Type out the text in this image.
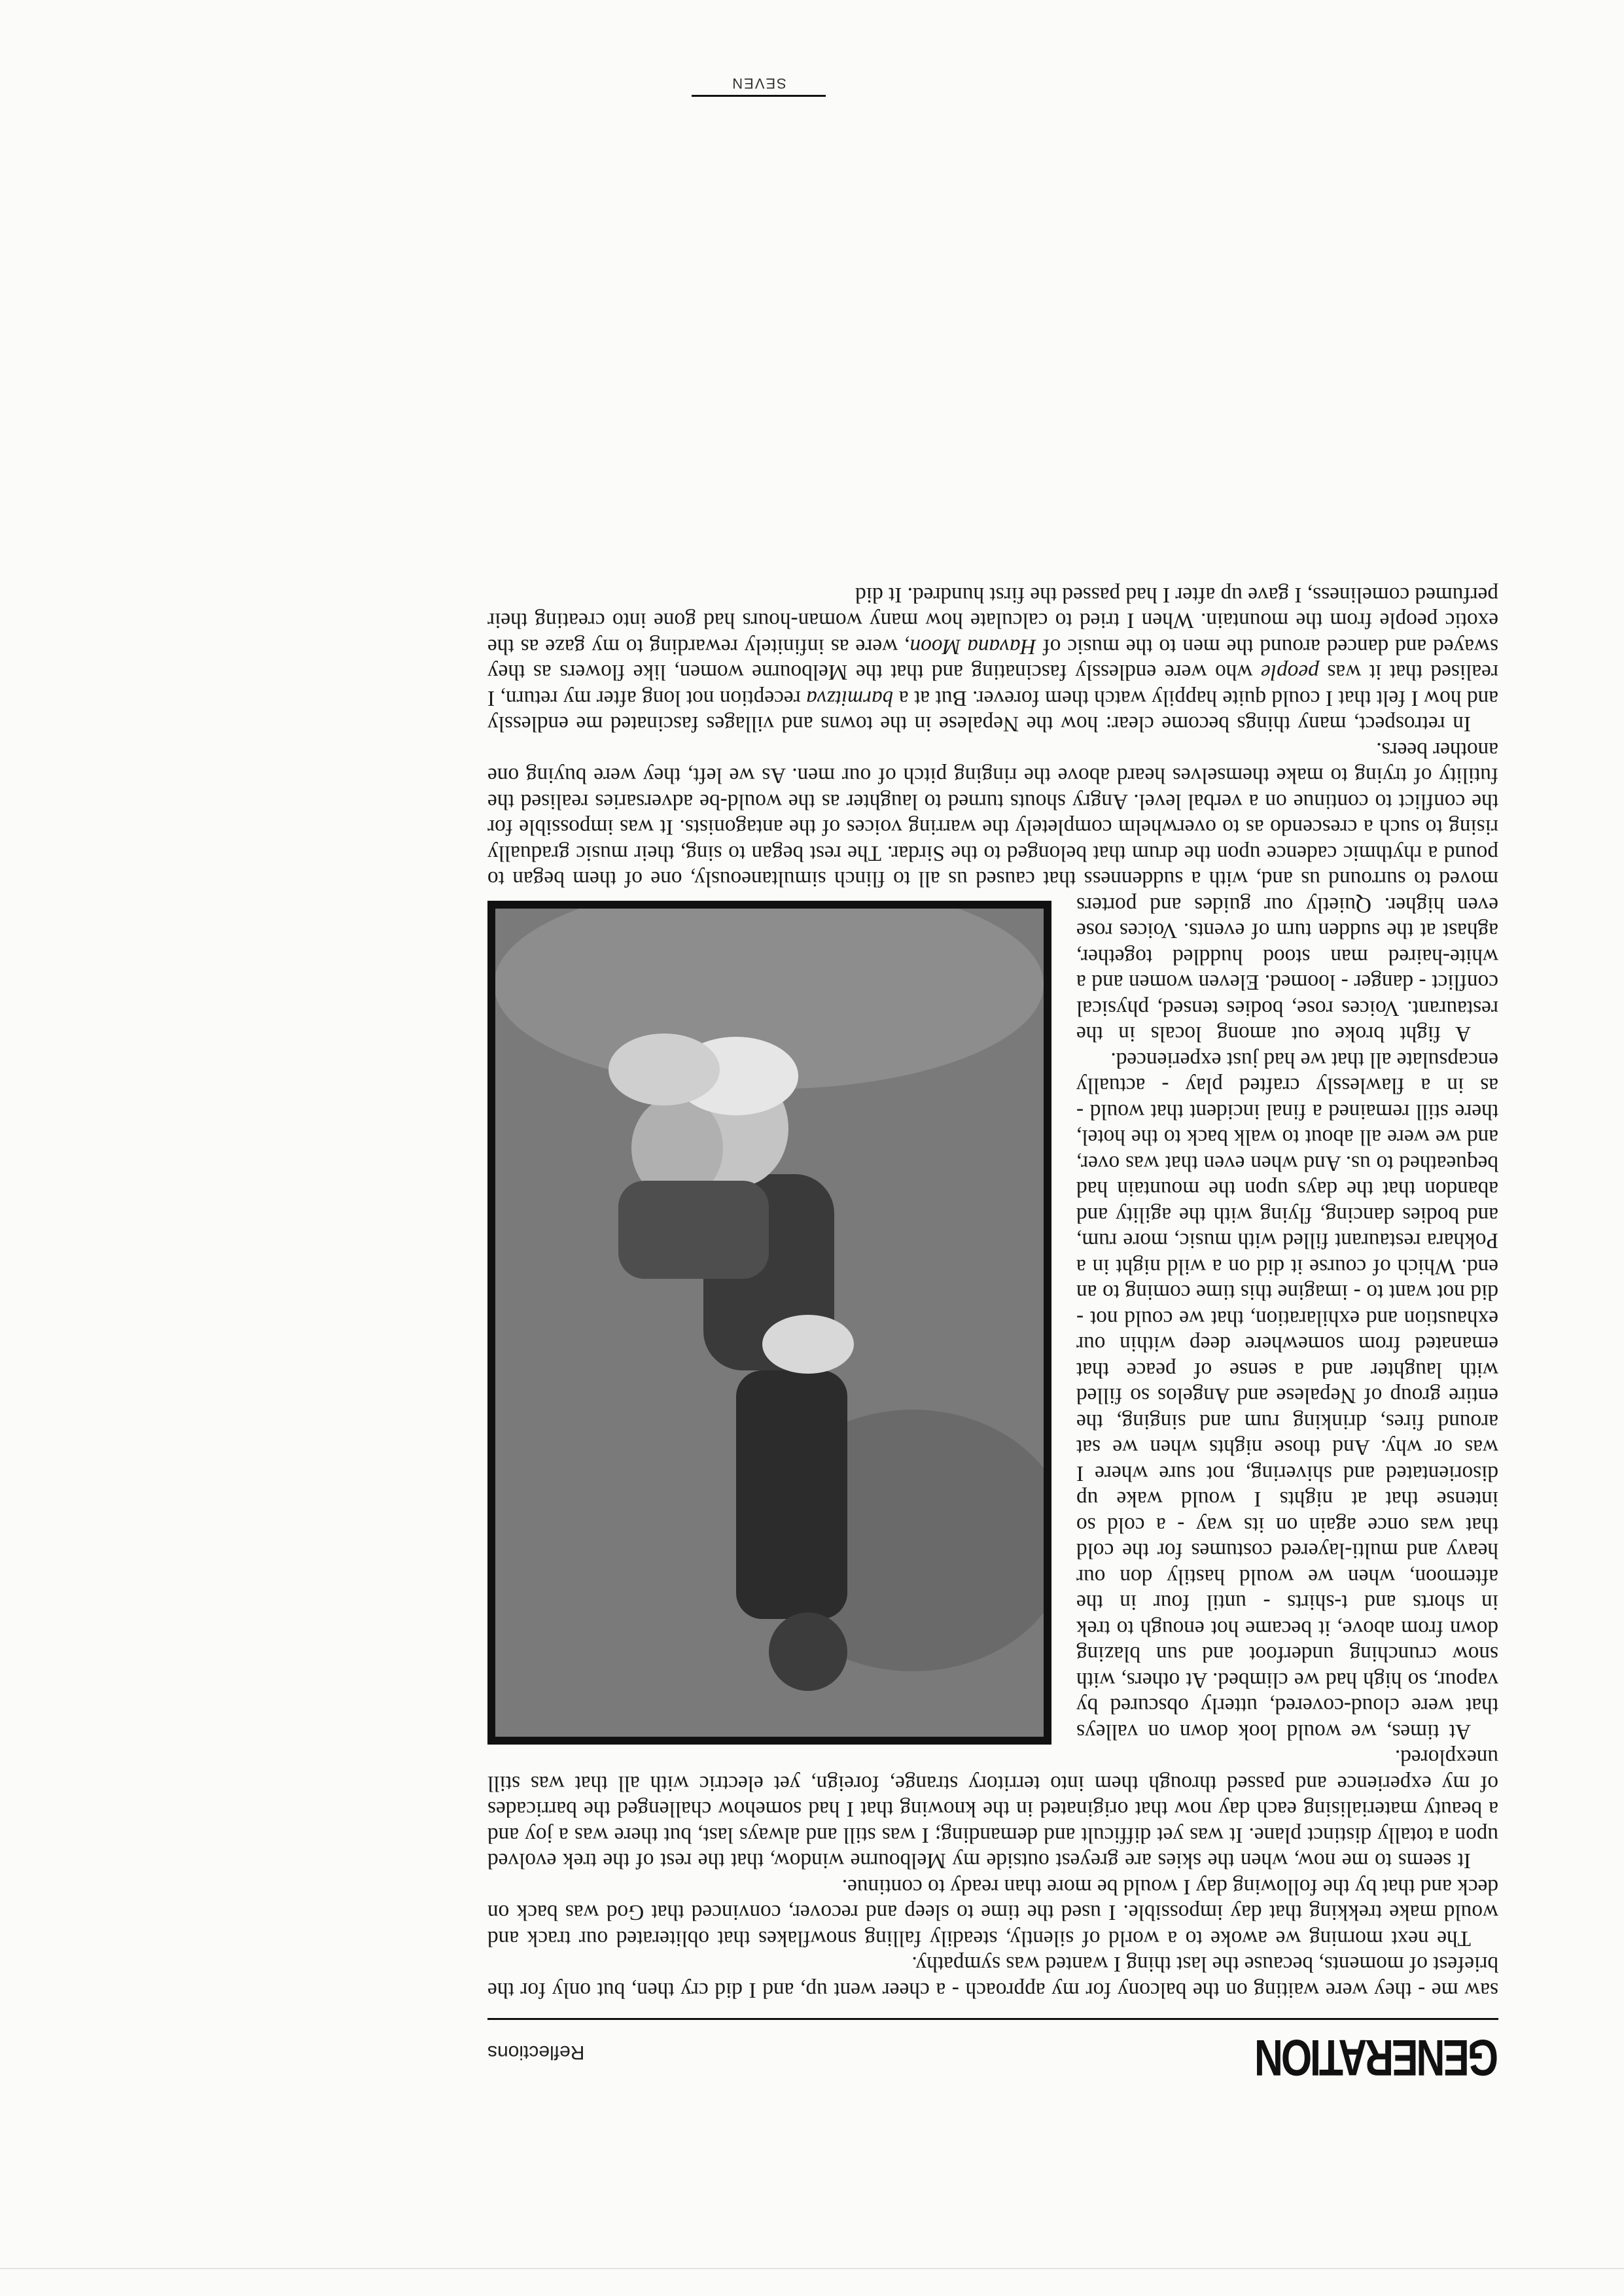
GENERATION
Reflections

saw me - they were waiting on the balcony for my approach - a cheer went up, and I did cry then, but only for the briefest of moments, because the last thing I wanted was sympathy.

The next morning we awoke to a world of silently, steadily falling snowflakes that obliterated our track and would make trekking that day impossible. I used the time to sleep and recover, convinced that God was back on deck and that by the following day I would be more than ready to continue.

It seems to me now, when the skies are greyest outside my Melbourne window, that the rest of the trek evolved upon a totally distinct plane. It was yet difficult and demanding; I was still and always last, but there was a joy and a beauty materialising each day now that originated in the knowing that I had somehow challenged the barricades of my experience and passed through them into territory strange, foreign, yet electric with all that was still unexplored.

At times, we would look down on valleys that were cloud-covered, utterly obscured by vapour, so high had we climbed. At others, with snow crunching underfoot and sun blazing down from above, it became hot enough to trek in shorts and t-shirts - until four in the afternoon, when we would hastily don our heavy and multi-layered costumes for the cold that was once again on its way - a cold so intense that at nights I would wake up disorientated and shivering, not sure where I was or why. And those nights when we sat around fires, drinking rum and singing, the entire group of Nepalese and Angelos so filled with laughter and a sense of peace that emanated from somewhere deep within our exhaustion and exhilaration, that we could not - did not want to - imagine this time coming to an end. Which of course it did on a wild night in a Pokhara restaurant filled with music, more rum, and bodies dancing, flying with the agility and abandon that the days upon the mountain had bequeathed to us. And when even that was over, and we were all about to walk back to the hotel, there still remained a final incident that would - as in a flawlessly crafted play - actually encapsulate all that we had just experienced.

A fight broke out among locals in the restaurant. Voices rose, bodies tensed, physical conflict - danger - loomed. Eleven women and a white-haired man stood huddled together, aghast at the sudden turn of events. Voices rose even higher. Quietly our guides and porters moved to surround us and, with a suddenness that caused us all to flinch simultaneously, one of them began to pound a rhythmic cadence upon the drum that belonged to the Sirdar. The rest began to sing, their music gradually rising to such a crescendo as to overwhelm completely the warring voices of the antagonists. It was impossible for the conflict to continue on a verbal level. Angry shouts turned to laughter as the would-be adversaries realised the futility of trying to make themselves heard above the ringing pitch of our men. As we left, they were buying one another beers.

In retrospect, many things become clear: how the Nepalese in the towns and villages fascinated me endlessly and how I felt that I could quite happily watch them forever. But at a barmitzva reception not long after my return, I realised that it was people who were endlessly fascinating and that the Melbourne women, like flowers as they swayed and danced around the men to the music of Havana Moon, were as infinitely rewarding to my gaze as the exotic people from the mountain. When I tried to calculate how many woman-hours had gone into creating their perfumed comeliness, I gave up after I had passed the first hundred. It did

SEVEN
